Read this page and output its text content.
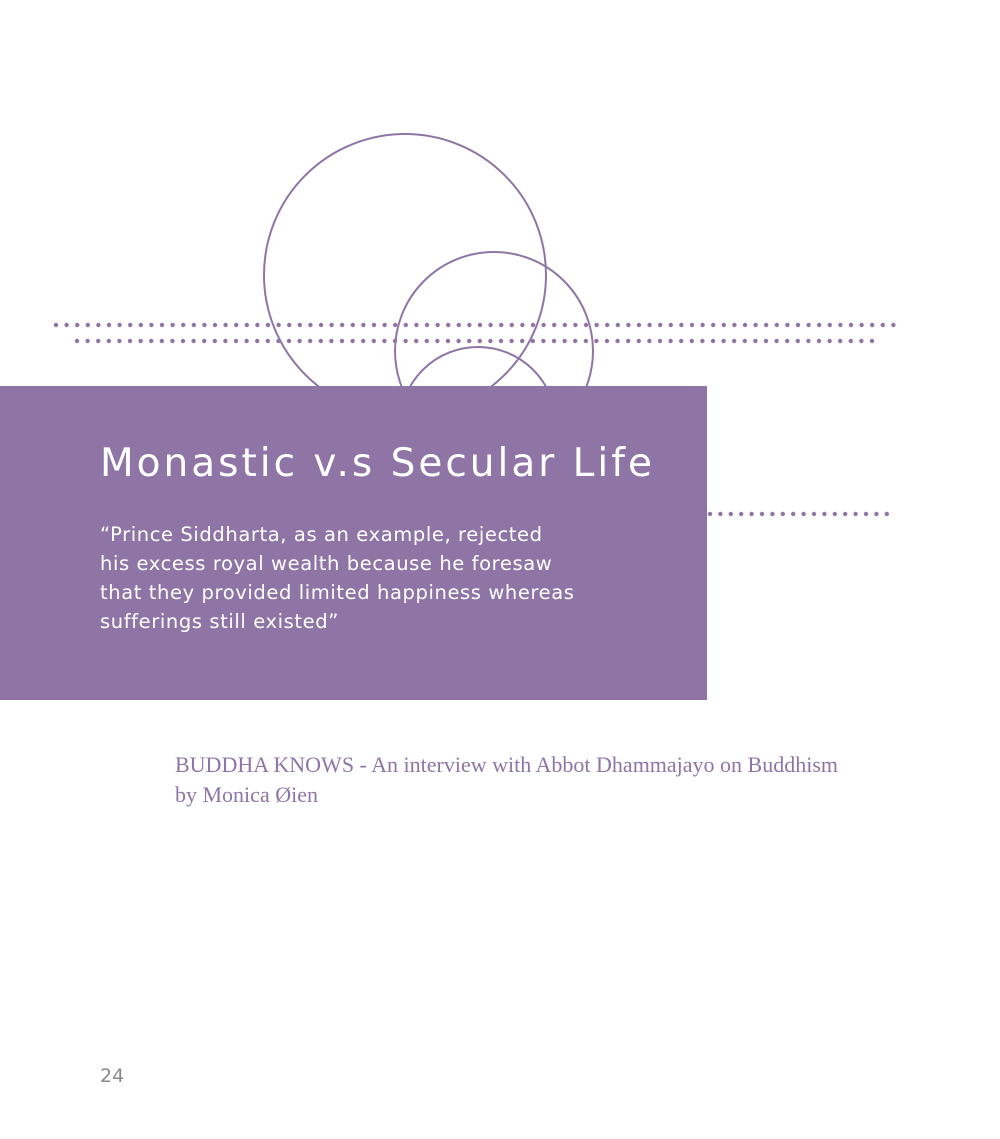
Monastic v.s Secular Life

“Prince Siddharta, as an example, rejected
his excess royal wealth because he foresaw
that they provided limited happiness whereas
sufferings still existed”

BUDDHA KNOWS - An interview with Abbot Dhammajayo on Buddhism
by Monica Øien

24
